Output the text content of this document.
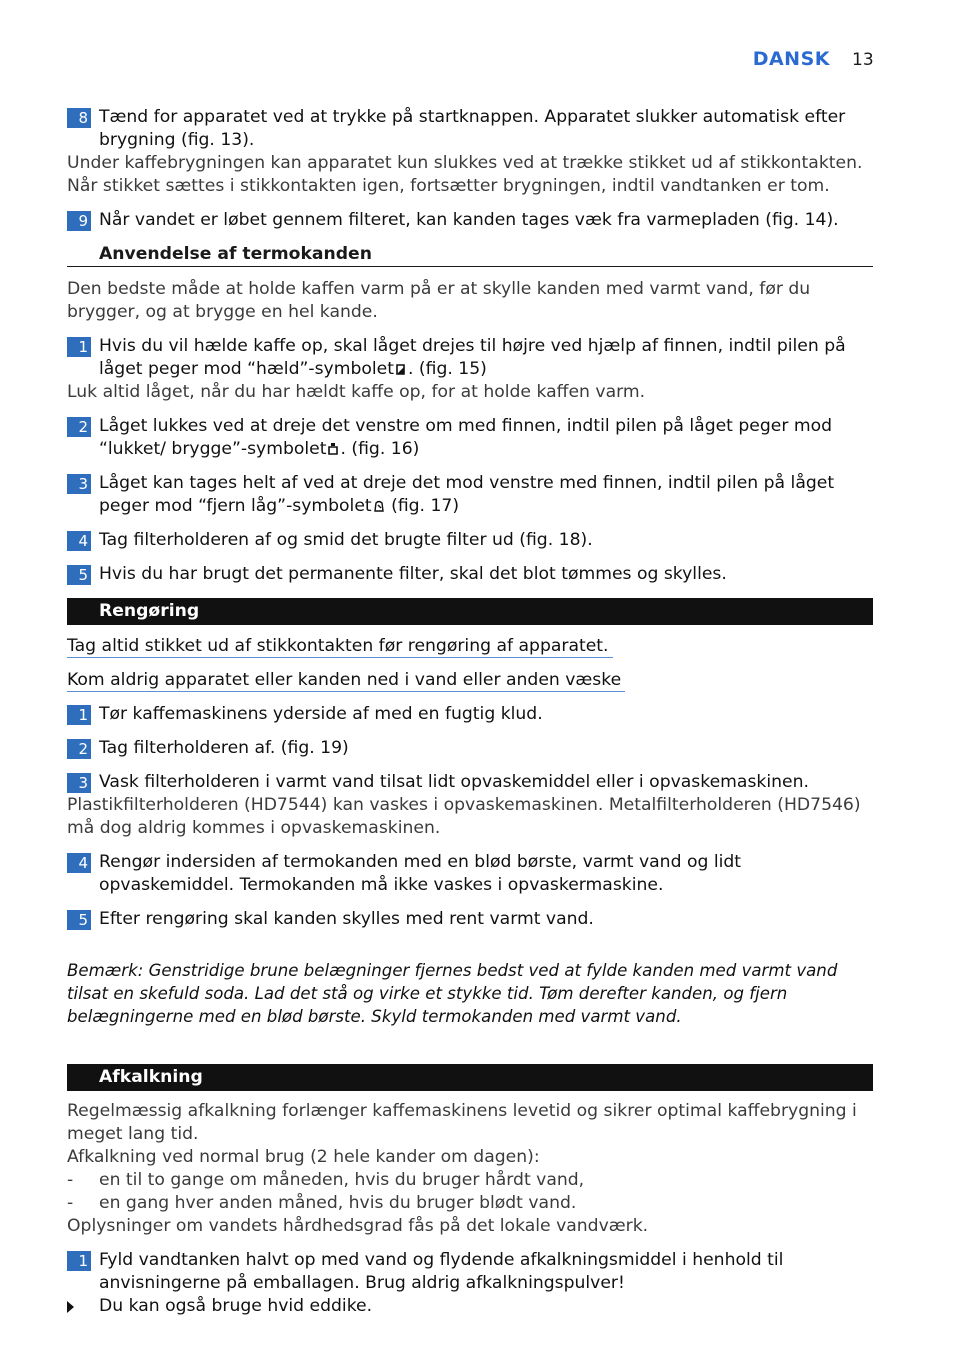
DANSK 13
8 Tænd for apparatet ved at trykke på startknappen. Apparatet slukker automatisk efter brygning (fig. 13).

Under kaffebrygningen kan apparatet kun slukkes ved at trække stikket ud af stikkontakten. Når stikket sættes i stikkontakten igen, fortsætter brygningen, indtil vandtanken er tom.

9 Når vandet er løbet gennem filteret, kan kanden tages væk fra varmepladen (fig. 14).
Anvendelse af termokanden

Den bedste måde at holde kaffen varm på er at skylle kanden med varmt vand, før du brygger, og at brygge en hel kande.

1 Hvis du vil hælde kaffe op, skal låget drejes til højre ved hjælp af finnen, indtil pilen på låget peger mod “hæld”-symbolet . (fig. 15)

Luk altid låget, når du har hældt kaffe op, for at holde kaffen varm.

2 Låget lukkes ved at dreje det venstre om med finnen, indtil pilen på låget peger mod “lukket/ brygge”-symbolet . (fig. 16)
3 Låget kan tages helt af ved at dreje det mod venstre med finnen, indtil pilen på låget peger mod “fjern låg”-symbolet (fig. 17)
4 Tag filterholderen af og smid det brugte filter ud (fig. 18).
5 Hvis du har brugt det permanente filter, skal det blot tømmes og skylles.
Rengøring
Tag altid stikket ud af stikkontakten før rengøring af apparatet.
Kom aldrig apparatet eller kanden ned i vand eller anden væske
1 Tør kaffemaskinens yderside af med en fugtig klud.
2 Tag filterholderen af. (fig. 19)
3 Vask filterholderen i varmt vand tilsat lidt opvaskemiddel eller i opvaskemaskinen.

Plastikfilterholderen (HD7544) kan vaskes i opvaskemaskinen. Metalfilterholderen (HD7546) må dog aldrig kommes i opvaskemaskinen.

4 Rengør indersiden af termokanden med en blød børste, varmt vand og lidt opvaskemiddel. Termokanden må ikke vaskes i opvaskermaskine.
5 Efter rengøring skal kanden skylles med rent varmt vand.

Bemærk: Genstridige brune belægninger fjernes bedst ved at fylde kanden med varmt vand tilsat en skefuld soda. Lad det stå og virke et stykke tid. Tøm derefter kanden, og fjern belægningerne med en blød børste. Skyld termokanden med varmt vand.

Afkalkning

Regelmæssig afkalkning forlænger kaffemaskinens levetid og sikrer optimal kaffebrygning i meget lang tid.

Afkalkning ved normal brug (2 hele kander om dagen):

- en til to gange om måneden, hvis du bruger hårdt vand,
- en gang hver anden måned, hvis du bruger blødt vand.

Oplysninger om vandets hårdhedsgrad fås på det lokale vandværk.

1 Fyld vandtanken halvt op med vand og flydende afkalkningsmiddel i henhold til anvisningerne på emballagen. Brug aldrig afkalkningspulver!
Du kan også bruge hvid eddike.
